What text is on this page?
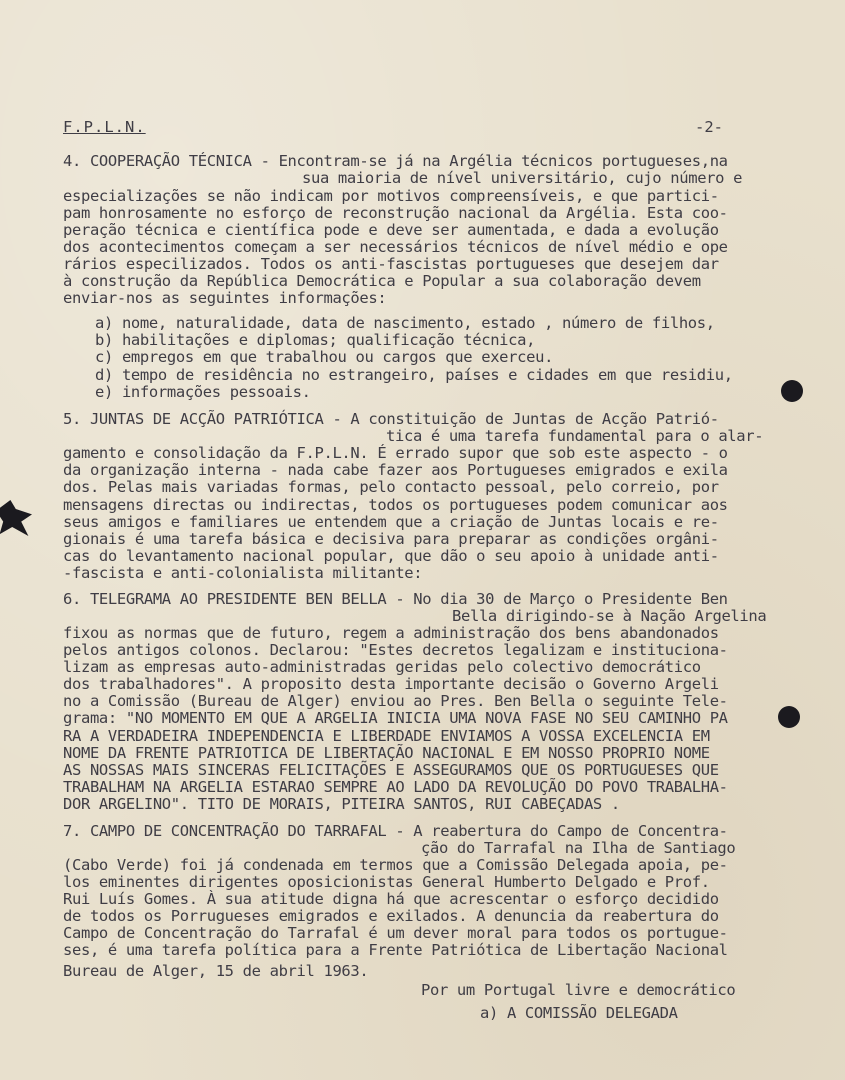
F.P.L.N.	-2-
4. COOPERAÇÃO TÉCNICA - Encontram-se já na Argélia técnicos portugueses,na
sua maioria de nível universitário, cujo número e
especializações se não indicam por motivos compreensíveis, e que partici-
pam honrosamente no esforço de reconstrução nacional da Argélia. Esta coo-
peração técnica e científica pode e deve ser aumentada, e dada a evolução
dos acontecimentos começam a ser necessários técnicos de nível médio e ope
rários especilizados. Todos os anti-fascistas portugueses que desejem dar
à construção da República Democrática e Popular a sua colaboração devem
enviar-nos as seguintes informações:
a) nome, naturalidade, data de nascimento, estado , número de filhos,
b) habilitações e diplomas; qualificação técnica,
c) empregos em que trabalhou ou cargos que exerceu.
d) tempo de residência no estrangeiro, países e cidades em que residiu,
e) informações pessoais.
5. JUNTAS DE ACÇÃO PATRIÓTICA - A constituição de Juntas de Acção Patrió-
tica é uma tarefa fundamental para o alar-
gamento e consolidação da F.P.L.N. É errado supor que sob este aspecto - o
da organização interna - nada cabe fazer aos Portugueses emigrados e exila
dos. Pelas mais variadas formas, pelo contacto pessoal, pelo correio, por
mensagens directas ou indirectas, todos os portugueses podem comunicar aos
seus amigos e familiares ue entendem que a criação de Juntas locais e re-
gionais é uma tarefa básica e decisiva para preparar as condições orgâni-
cas do levantamento nacional popular, que dão o seu apoio à unidade anti-
-fascista e anti-colonialista militante:
6. TELEGRAMA AO PRESIDENTE BEN BELLA - No dia 30 de Março o Presidente Ben
Bella dirigindo-se à Nação Argelina
fixou as normas que de futuro, regem a administração dos bens abandonados
pelos antigos colonos. Declarou: "Estes decretos legalizam e instituciona-
lizam as empresas auto-administradas geridas pelo colectivo democrático
dos trabalhadores". A proposito desta importante decisão o Governo Argeli
no a Comissão (Bureau de Alger) enviou ao Pres. Ben Bella o seguinte Tele-
grama: "NO MOMENTO EM QUE A ARGELIA INICIA UMA NOVA FASE NO SEU CAMINHO PA
RA A VERDADEIRA INDEPENDENCIA E LIBERDADE ENVIAMOS A VOSSA EXCELENCIA EM
NOME DA FRENTE PATRIOTICA DE LIBERTAÇÃO NACIONAL E EM NOSSO PROPRIO NOME
AS NOSSAS MAIS SINCERAS FELICITAÇÕES E ASSEGURAMOS QUE OS PORTUGUESES QUE
TRABALHAM NA ARGELIA ESTARAO SEMPRE AO LADO DA REVOLUÇÃO DO POVO TRABALHA-
DOR ARGELINO". TITO DE MORAIS, PITEIRA SANTOS, RUI CABEÇADAS .
7. CAMPO DE CONCENTRAÇÃO DO TARRAFAL - A reabertura do Campo de Concentra-
ção do Tarrafal na Ilha de Santiago
(Cabo Verde) foi já condenada em termos que a Comissão Delegada apoia, pe-
los eminentes dirigentes oposicionistas General Humberto Delgado e Prof.
Rui Luís Gomes. À sua atitude digna há que acrescentar o esforço decidido
de todos os Porrugueses emigrados e exilados. A denuncia da reabertura do
Campo de Concentração do Tarrafal é um dever moral para todos os portugue-
ses, é uma tarefa política para a Frente Patriótica de Libertação Nacional
Bureau de Alger, 15 de abril 1963.
Por um Portugal livre e democrático
a) A COMISSÃO DELEGADA
